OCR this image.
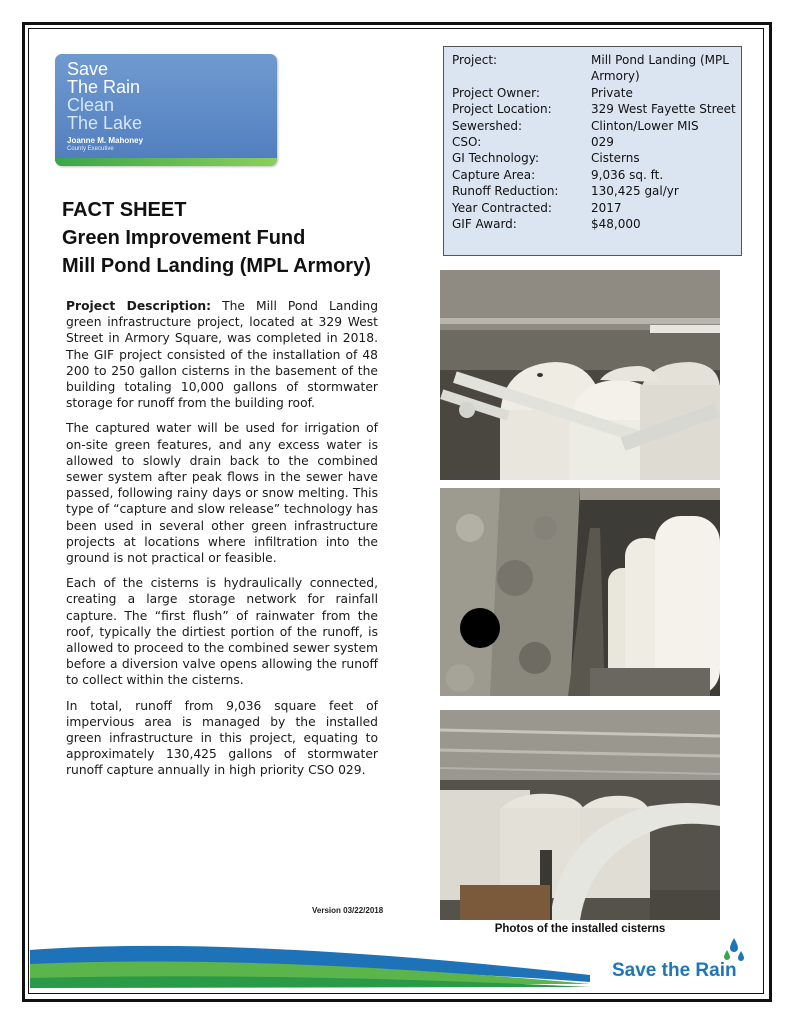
Save
The Rain
Clean
The Lake
Joanne M. Mahoney
County Executive
FACT SHEET
Green Improvement Fund
Mill Pond Landing (MPL Armory)

Project Description: The Mill Pond Landing green infrastructure project, located at 329 West Street in Armory Square, was completed in 2018. The GIF project consisted of the installation of 48 200 to 250 gallon cisterns in the basement of the building totaling 10,000 gallons of stormwater storage for runoff from the building roof.

The captured water will be used for irrigation of on-site green features, and any excess water is allowed to slowly drain back to the combined sewer system after peak flows in the sewer have passed, following rainy days or snow melting. This type of “capture and slow release” technology has been used in several other green infrastructure projects at locations where infiltration into the ground is not practical or feasible.

Each of the cisterns is hydraulically connected, creating a large storage network for rainfall capture. The “first flush” of rainwater from the roof, typically the dirtiest portion of the runoff, is allowed to proceed to the combined sewer system before a diversion valve opens allowing the runoff to collect within the cisterns.

In total, runoff from 9,036 square feet of impervious area is managed by the installed green infrastructure in this project, equating to approximately 130,425 gallons of stormwater runoff capture annually in high priority CSO 029.

Version 03/22/2018
Project:	Mill Pond Landing (MPL Armory)
Project Owner:	Private
Project Location:	329 West Fayette Street
Sewershed:	Clinton/Lower MIS
CSO:	029
GI Technology:	Cisterns
Capture Area:	9,036 sq. ft.
Runoff Reduction:	130,425 gal/yr
Year Contracted:	2017
GIF Award:	$48,000
Photos of the installed cisterns
Save the Rain
